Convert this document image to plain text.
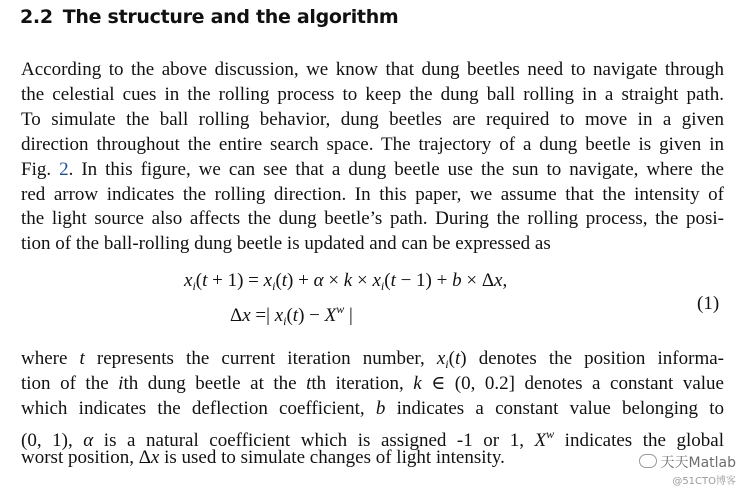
2.2 The structure and the algorithm
According to the above discussion, we know that dung beetles need to navigate through
the celestial cues in the rolling process to keep the dung ball rolling in a straight path.
To simulate the ball rolling behavior, dung beetles are required to move in a given
direction throughout the entire search space. The trajectory of a dung beetle is given in
Fig. 2. In this figure, we can see that a dung beetle use the sun to navigate, where the
red arrow indicates the rolling direction. In this paper, we assume that the intensity of
the light source also affects the dung beetle’s path. During the rolling process, the posi-
tion of the ball-rolling dung beetle is updated and can be expressed as
$x_i(t + 1) = x_i(t) + \alpha \times k \times x_i(t - 1) + b \times \Delta x$,
Δx =| $x_i(t) - X^w$ |
(1)
where t represents the current iteration number, $x_i(t)$ denotes the position informa-
tion of the ith dung beetle at the tth iteration, k ∈ (0, 0.2] denotes a constant value
which indicates the deflection coefficient, b indicates a constant value belonging to
(0, 1), α is a natural coefficient which is assigned -1 or 1, $X^w$ indicates the global
worst position, Δx is used to simulate changes of light intensity.	天天Matlab
@51CTO博客
